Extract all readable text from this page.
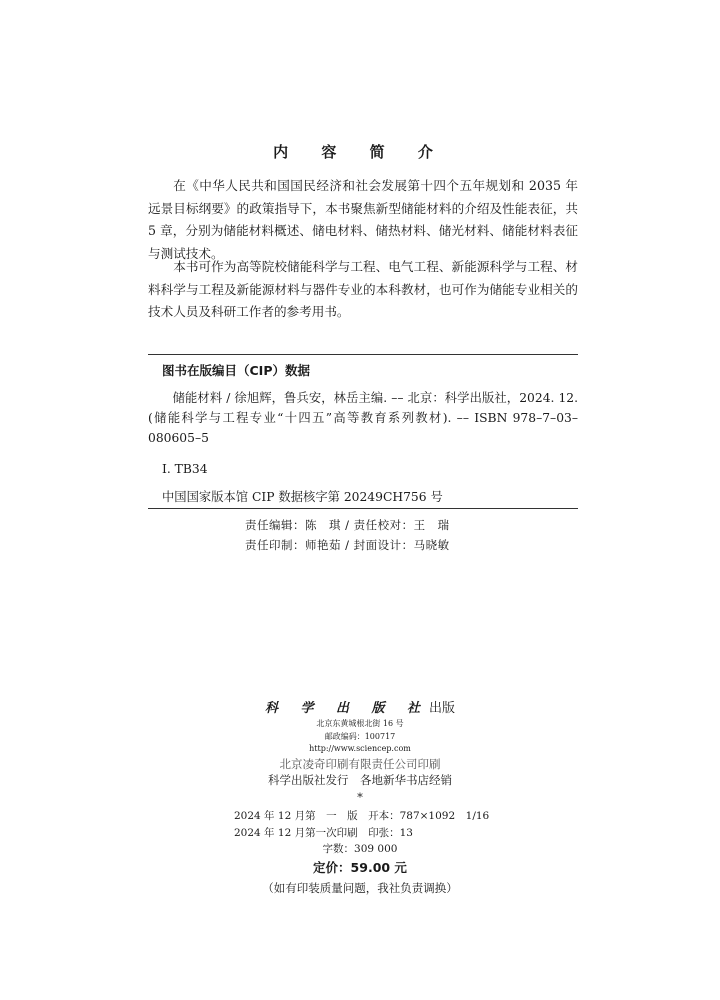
内 容 简 介

在《中华人民共和国国民经济和社会发展第十四个五年规划和 2035 年远景目标纲要》的政策指导下，本书聚焦新型储能材料的介绍及性能表征，共 5 章，分别为储能材料概述、储电材料、储热材料、储光材料、储能材料表征与测试技术。

本书可作为高等院校储能科学与工程、电气工程、新能源科学与工程、材料科学与工程及新能源材料与器件专业的本科教材，也可作为储能专业相关的技术人员及科研工作者的参考用书。

图书在版编目（CIP）数据

储能材料 / 徐旭辉，鲁兵安，林岳主编. –– 北京：科学出版社，2024. 12. (储能科学与工程专业“十四五”高等教育系列教材). –– ISBN 978–7–03–080605–5

Ⅰ. TB34
中国国家版本馆 CIP 数据核字第 20249CH756 号
责任编辑：陈　琪 / 责任校对：王　瑞
责任印制：师艳茹 / 封面设计：马晓敏
科 学 出 版 社出版
北京东黄城根北街 16 号
邮政编码：100717
http://www.sciencep.com
北京凌奇印刷有限责任公司印刷
科学出版社发行　各地新华书店经销
*
2024 年 12 月第　一　版　开本：787×1092　1/16
2024 年 12 月第一次印刷　印张：13
字数：309 000
定价：59.00 元
（如有印装质量问题，我社负责调换）
